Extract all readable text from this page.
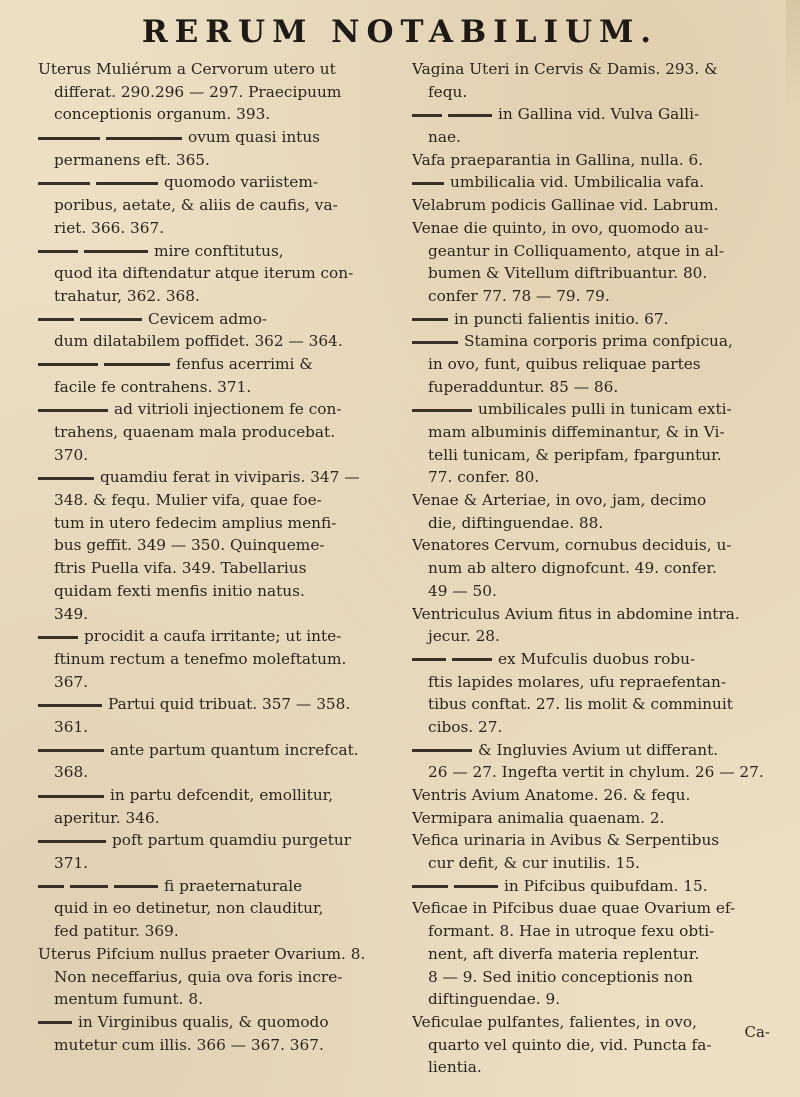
RERUM NOTABILIUM.
Uterus Muliérum a Cervorum utero ut
differat. 290.296 — 297. Praecipuum
conceptionis organum. 393.
ovum quasi intus
permanens eft. 365.
quomodo variistem-
poribus, aetate, & aliis de caufis, va-
riet. 366. 367.
mire conftitutus,
quod ita diftendatur atque iterum con-
trahatur, 362. 368.
Cevicem admo-
dum dilatabilem poffidet. 362 — 364.
fenfus acerrimi &
facile fe contrahens. 371.
ad vitrioli injectionem fe con-
trahens, quaenam mala producebat.
370.
quamdiu ferat in viviparis. 347 —
348. & fequ. Mulier vifa, quae foe-
tum in utero fedecim amplius menfi-
bus geffit. 349 — 350. Quinqueme-
ftris Puella vifa. 349. Tabellarius
quidam fexti menfis initio natus.
349.
procidit a caufa irritante; ut inte-
ftinum rectum a tenefmo moleftatum.
367.
Partui quid tribuat. 357 — 358.
361.
ante partum quantum increfcat.
368.
in partu defcendit, emollitur,
aperitur. 346.
poft partum quamdiu purgetur
371.
fi praeternaturale
quid in eo detinetur, non clauditur,
fed patitur. 369.
Uterus Pifcium nullus praeter Ovarium. 8.
Non neceffarius, quia ova foris incre-
mentum fumunt. 8.
in Virginibus qualis, & quomodo
mutetur cum illis. 366 — 367. 367.
Vagina Uteri in Cervis & Damis. 293. &
fequ.
in Gallina vid. Vulva Galli-
nae.
Vafa praeparantia in Gallina, nulla. 6.
umbilicalia vid. Umbilicalia vafa.
Velabrum podicis Gallinae vid. Labrum.
Venae die quinto, in ovo, quomodo au-
geantur in Colliquamento, atque in al-
bumen & Vitellum diftribuantur. 80.
confer 77. 78 — 79. 79.
in puncti falientis initio. 67.
Stamina corporis prima confpicua,
in ovo, funt, quibus reliquae partes
fuperadduntur. 85 — 86.
umbilicales pulli in tunicam exti-
mam albuminis diffeminantur, & in Vi-
telli tunicam, & peripfam, fparguntur.
77. confer. 80.
Venae & Arteriae, in ovo, jam, decimo
die, diftinguendae. 88.
Venatores Cervum, cornubus deciduis, u-
num ab altero dignofcunt. 49. confer.
49 — 50.
Ventriculus Avium fitus in abdomine intra.
jecur. 28.
ex Mufculis duobus robu-
ftis lapides molares, ufu repraefentan-
tibus conftat. 27. lis molit & comminuit
cibos. 27.
& Ingluvies Avium ut differant.
26 — 27. Ingefta vertit in chylum. 26 — 27.
Ventris Avium Anatome. 26. & fequ.
Vermipara animalia quaenam. 2.
Vefica urinaria in Avibus & Serpentibus
cur defit, & cur inutilis. 15.
in Pifcibus quibufdam. 15.
Veficae in Pifcibus duae quae Ovarium ef-
formant. 8. Hae in utroque fexu obti-
nent, aft diverfa materia replentur.
8 — 9. Sed initio conceptionis non
diftinguendae. 9.
Veficulae pulfantes, falientes, in ovo,
quarto vel quinto die, vid. Puncta fa-
lientia.
Ca-
